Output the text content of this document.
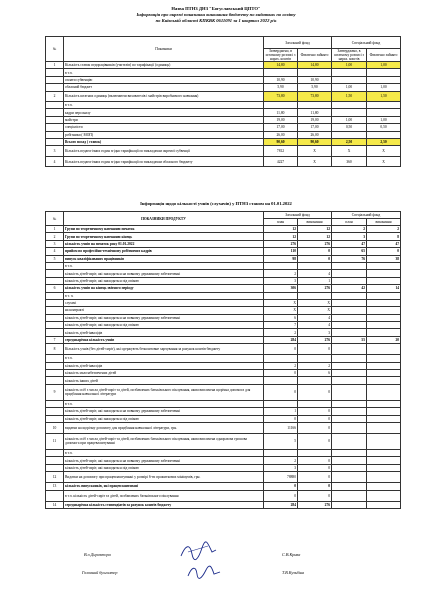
Назва ПТНЗ ДНЗ "Богуславський ЦПТО"
Інформація про окремі показники виконання бюджету по видатках по освіту
по Київській області КПКВК 0611091 за 1 квартал 2022 р/к
№	Показники	Загальний фонд		Спеціальний фонд	
		Затверджено, в штатному розписі з нарах. коштів	Фактично зайнято	Затверджено, в штатному розписі з нарах. коштів	Фактично зайнято
1	Кількість ставок педпрацівників (учителів) по тарифікації (одиниць)	14,80	14,80	1,00	1,00
	в т.ч.				
	оплати субвенцію	10,90	10,90		
	обласний бюджет	5,90	5,90	1,00	1,00
2	Кількість штатних одиниць (включаючи вихователів і майстрів виробничого навчання)	73,80	73,80	1,50	1,50
	в т.ч.				
	кадри персоналу	11,80	11,80		
	майстри	19,00	19,00	1,00	1,00
	спеціалісти	17,00	17,00	0,50	0,50
	робітники ( МОП)	26,00	26,00		
	Всього посад ( ставок)	90,60	90,60	2,50	2,50
3	Кількість педагогічних годин згідно тарифікації по викладачам окремої субвенції	7812	X	X	X
4	Кількість педагогічних годин згідно тарифікації по викладачам обласного бюджету	4227	X	360	X
Інформація щодо кількості учнів (слухачів) у ПТНЗ станом на 01.01.2022
№	ПОКАЗНИКИ ПРОДУКТУ	Загальний фонд		Спеціальний фонд	
		план	виконання	план	виконання
1	Групи по теоретичному навчанню початок	12	12	2	2
2	Групи по теоретичному навчанню кінець	12	12	3	8
3	кількість учнів на початок року 01.01.2022	276	276	47	47
4	прийом по професійно-технічному робітничих кадрів	110	0	65	0
5	випуск кваліфікованих працівників	98	0	76	38
	в т.ч.				
	кількість дітей-сиріт, які знаходяться на повному державному забезпеченні	2	4		
	кількість дітей-сиріт, які знаходяться під опікою	3	1		
6	кількість учнів на кінець звітного періоду	306	276	42	14
	в т. ч.				
	слухачі	X	X		
	на контракті	X	X		
	кількість дітей-сиріт, які знаходяться на повному державному забезпеченні	6	4		
	кількість дітей-сиріт, які знаходяться під опікою	7	4		
	кількість дітей-інвалідів	2	3		
7	середньорічна кількість учнів	284	276	55	20
8	Кількість учнів (без дітей-сиріт), які одержують безкоштовне харчування за рахунок коштів бюджету	0	0		
	в т.ч.				
	кількість дітей-інвалідів	2	2		
	кількість малозабезпечених дітей	0	6		
	кількість інших дітей				
9	кількість осіб з числа дітей-сиріт та дітей, позбавлених батьківського піклування, яким виплачена щорічна допомога для придбання навчальної літератури	0	0		
	в т.ч.				
	кількість дітей-сиріт, які знаходяться на повному державному забезпеченні	1	0		
	кількість дітей-сиріт, які знаходяться під опікою	0	0		
10	видатки на щорічну допомогу для придбання навчальної літератури, грн.	11166	0		
11	кількість осіб з числа дітей-сиріт та дітей, позбавлених батьківського піклування, яким виплачена одноразова грошова допомога при працевлаштуванні	5	0		
	в т.ч.				
	кількість дітей-сиріт, які знаходяться на повному державному забезпеченні	2	0		
	кількість дітей-сиріт, які знаходяться під опікою	3	0		
12	Видатки на допомогу при працевлаштуванні у розмірі 6-ти прожиткових мінімумів, грн.	78880	0		
13	кількість випускників, які працевлаштовані	0	0		
	в т.ч. кількість дітей-сиріт та дітей, позбавлених батьківського піклування	0	0		
14	середньорічна кількість стипендіатів за рахунок коштів бюджету	284	276		
В.о.Директора	С.В.Крива
Головний бухгалтер	Т.В.Кузьбіна
